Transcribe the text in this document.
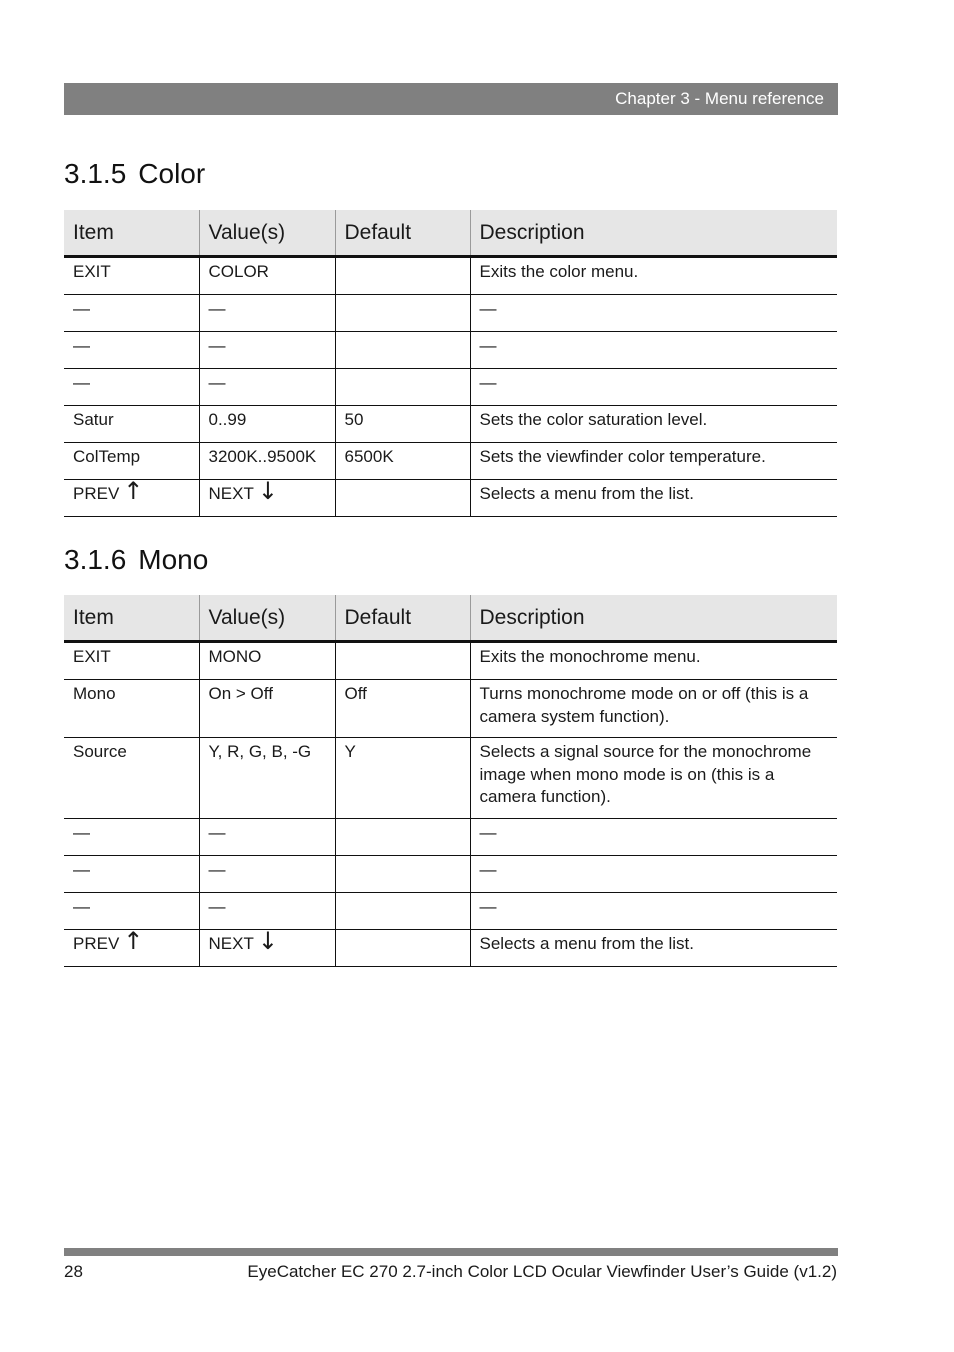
Chapter 3 - Menu reference
3.1.5 Color
Item	Value(s)	Default	Description
EXIT	COLOR		Exits the color menu.
—	—		—
—	—		—
—	—		—
Satur	0..99	50	Sets the color saturation level.
ColTemp	3200K..9500K	6500K	Sets the viewfinder color temperature.
PREV ↑	NEXT ↓		Selects a menu from the list.
3.1.6 Mono
Item	Value(s)	Default	Description
EXIT	MONO		Exits the monochrome menu.
Mono	On > Off	Off	Turns monochrome mode on or off (this is a camera system function).
Source	Y, R, G, B, -G	Y	Selects a signal source for the monochrome image when mono mode is on (this is a camera function).
—	—		—
—	—		—
—	—		—
PREV ↑	NEXT ↓		Selects a menu from the list.
28	EyeCatcher EC 270 2.7-inch Color LCD Ocular Viewfinder User’s Guide (v1.2)
